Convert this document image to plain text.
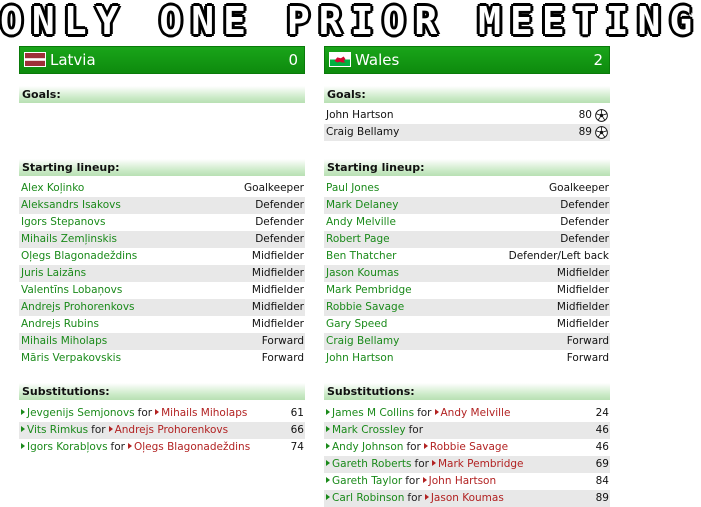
ONLY ONE PRIOR MEETING
Latvia	0
Goals:
Starting lineup:
Alex Koļinko	Goalkeeper
Aleksandrs Isakovs	Defender
Igors Stepanovs	Defender
Mihails Zemļinskis	Defender
Oļegs Blagonadeždins	Midfielder
Juris Laizāns	Midfielder
Valentīns Lobaņovs	Midfielder
Andrejs Prohorenkovs	Midfielder
Andrejs Rubins	Midfielder
Mihails Miholaps	Forward
Māris Verpakovskis	Forward
Substitutions:
Jevgenijs Semjonovs for Mihails Miholaps	61
Vits Rimkus for Andrejs Prohorenkovs	66
Igors Korabļovs for Oļegs Blagonadeždins	74
Wales	2
Goals:
John Hartson	80
Craig Bellamy	89
Starting lineup:
Paul Jones	Goalkeeper
Mark Delaney	Defender
Andy Melville	Defender
Robert Page	Defender
Ben Thatcher	Defender/Left back
Jason Koumas	Midfielder
Mark Pembridge	Midfielder
Robbie Savage	Midfielder
Gary Speed	Midfielder
Craig Bellamy	Forward
John Hartson	Forward
Substitutions:
James M Collins for Andy Melville	24
Mark Crossley for	46
Andy Johnson for Robbie Savage	46
Gareth Roberts for Mark Pembridge	69
Gareth Taylor for John Hartson	84
Carl Robinson for Jason Koumas	89
